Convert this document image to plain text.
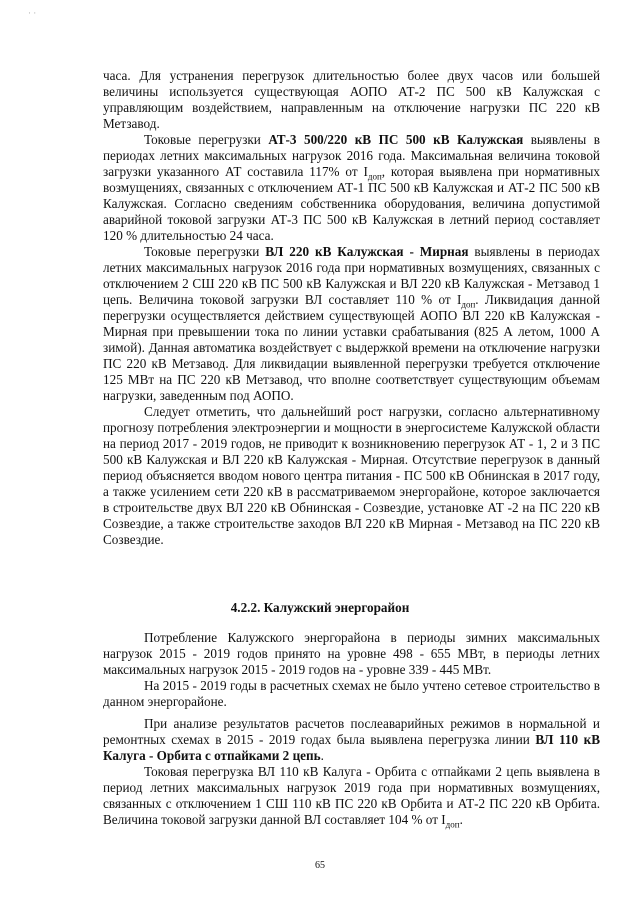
· ·

часа. Для устранения перегрузок длительностью более двух часов или большей величины используется существующая АОПО АТ-2 ПС 500 кВ Калужская с управляющим воздействием, направленным на отключение нагрузки ПС 220 кВ Метзавод.

Токовые перегрузки АТ-3 500/220 кВ ПС 500 кВ Калужская выявлены в периодах летних максимальных нагрузок 2016 года. Максимальная величина токовой загрузки указанного АТ составила 117% от $I_{доп}$, которая выявлена при нормативных возмущениях, связанных с отключением АТ-1 ПС 500 кВ Калужская и АТ-2 ПС 500 кВ Калужская. Согласно сведениям собственника оборудования, величина допустимой аварийной токовой загрузки АТ-3 ПС 500 кВ Калужская в летний период составляет 120 % длительностью 24 часа.

Токовые перегрузки ВЛ 220 кВ Калужская - Мирная выявлены в периодах летних максимальных нагрузок 2016 года при нормативных возмущениях, связанных с отключением 2 СШ 220 кВ ПС 500 кВ Калужская и ВЛ 220 кВ Калужская - Метзавод 1 цепь. Величина токовой загрузки ВЛ составляет 110 % от $I_{доп}$. Ликвидация данной перегрузки осуществляется действием существующей АОПО ВЛ 220 кВ Калужская - Мирная при превышении тока по линии уставки срабатывания (825 А летом, 1000 А зимой). Данная автоматика воздействует с выдержкой времени на отключение нагрузки ПС 220 кВ Метзавод. Для ликвидации выявленной перегрузки требуется отключение 125 МВт на ПС 220 кВ Метзавод, что вполне соответствует существующим объемам нагрузки, заведенным под АОПО.

Следует отметить, что дальнейший рост нагрузки, согласно альтернативному прогнозу потребления электроэнергии и мощности в энергосистеме Калужской области на период 2017 - 2019 годов, не приводит к возникновению перегрузок АТ - 1, 2 и 3 ПС 500 кВ Калужская и ВЛ 220 кВ Калужская - Мирная. Отсутствие перегрузок в данный период объясняется вводом нового центра питания - ПС 500 кВ Обнинская в 2017 году, а также усилением сети 220 кВ в рассматриваемом энергорайоне, которое заключается в строительстве двух ВЛ 220 кВ Обнинская - Созвездие, установке АТ -2 на ПС 220 кВ Созвездие, а также строительстве заходов ВЛ 220 кВ Мирная - Метзавод на ПС 220 кВ Созвездие.

4.2.2. Калужский энергорайон

Потребление Калужского энергорайона в периоды зимних максимальных нагрузок 2015 - 2019 годов принято на уровне 498 - 655 МВт, в периоды летних максимальных нагрузок 2015 - 2019 годов на - уровне 339 - 445 МВт.

На 2015 - 2019 годы в расчетных схемах не было учтено сетевое строительство в данном энергорайоне.

При анализе результатов расчетов послеаварийных режимов в нормальной и ремонтных схемах в 2015 - 2019 годах была выявлена перегрузка линии ВЛ 110 кВ Калуга - Орбита с отпайками 2 цепь.

Токовая перегрузка ВЛ 110 кВ Калуга - Орбита с отпайками 2 цепь выявлена в период летних максимальных нагрузок 2019 года при нормативных возмущениях, связанных с отключением 1 СШ 110 кВ ПС 220 кВ Орбита и АТ-2 ПС 220 кВ Орбита. Величина токовой загрузки данной ВЛ составляет 104 % от $I_{доп}$.

65
